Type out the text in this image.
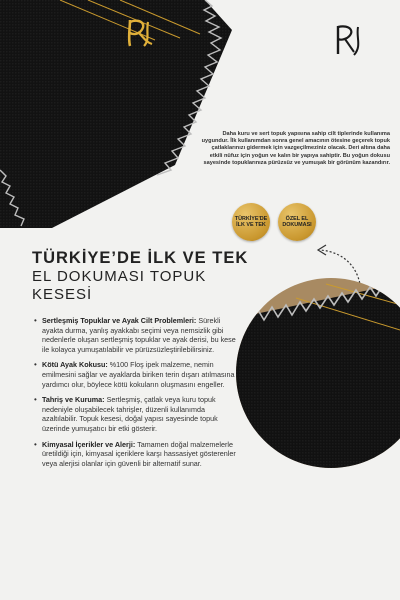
Daha kuru ve sert topuk yapısına sahip cilt tiplerinde kullanıma uygundur. İlk kullanımdan sonra genel amacının ötesine geçerek topuk çatlaklarınızı gidermek için vazgeçilmeziniz olacak. Deri altına daha etkili nüfuz için yoğun ve kalın bir yapıya sahiptir. Bu yoğun dokusu sayesinde topuklarınıza pürüzsüz ve yumuşak bir görünüm kazandırır.
TÜRKİYE'DE İLK VE TEK
ÖZEL EL DOKUMASI
TÜRKİYE’DE İLK VE TEK
EL DOKUMASI TOPUK
KESESİ
• Sertleşmiş Topuklar ve Ayak Cilt Problemleri: Sürekli ayakta durma, yanlış ayakkabı seçimi veya nemsizlik gibi nedenlerle oluşan sertleşmiş topuklar ve ayak derisi, bu kese ile kolayca yumuşatılabilir ve pürüzsüzleştirilebilirsiniz.
• Kötü Ayak Kokusu: %100 Floş ipek malzeme, nemin emilmesini sağlar ve ayaklarda biriken terin dışarı atılmasına yardımcı olur, böylece kötü kokuların oluşmasını engeller.
• Tahriş ve Kuruma: Sertleşmiş, çatlak veya kuru topuk nedeniyle oluşabilecek tahrişler, düzenli kullanımda azaltılabilir. Topuk kesesi, doğal yapısı sayesinde topuk üzerinde yumuşatıcı bir etki gösterir.
• Kimyasal İçerikler ve Alerji: Tamamen doğal malzemelerle üretildiği için, kimyasal içeriklere karşı hassasiyet gösterenler veya alerjisi olanlar için güvenli bir alternatif sunar.
